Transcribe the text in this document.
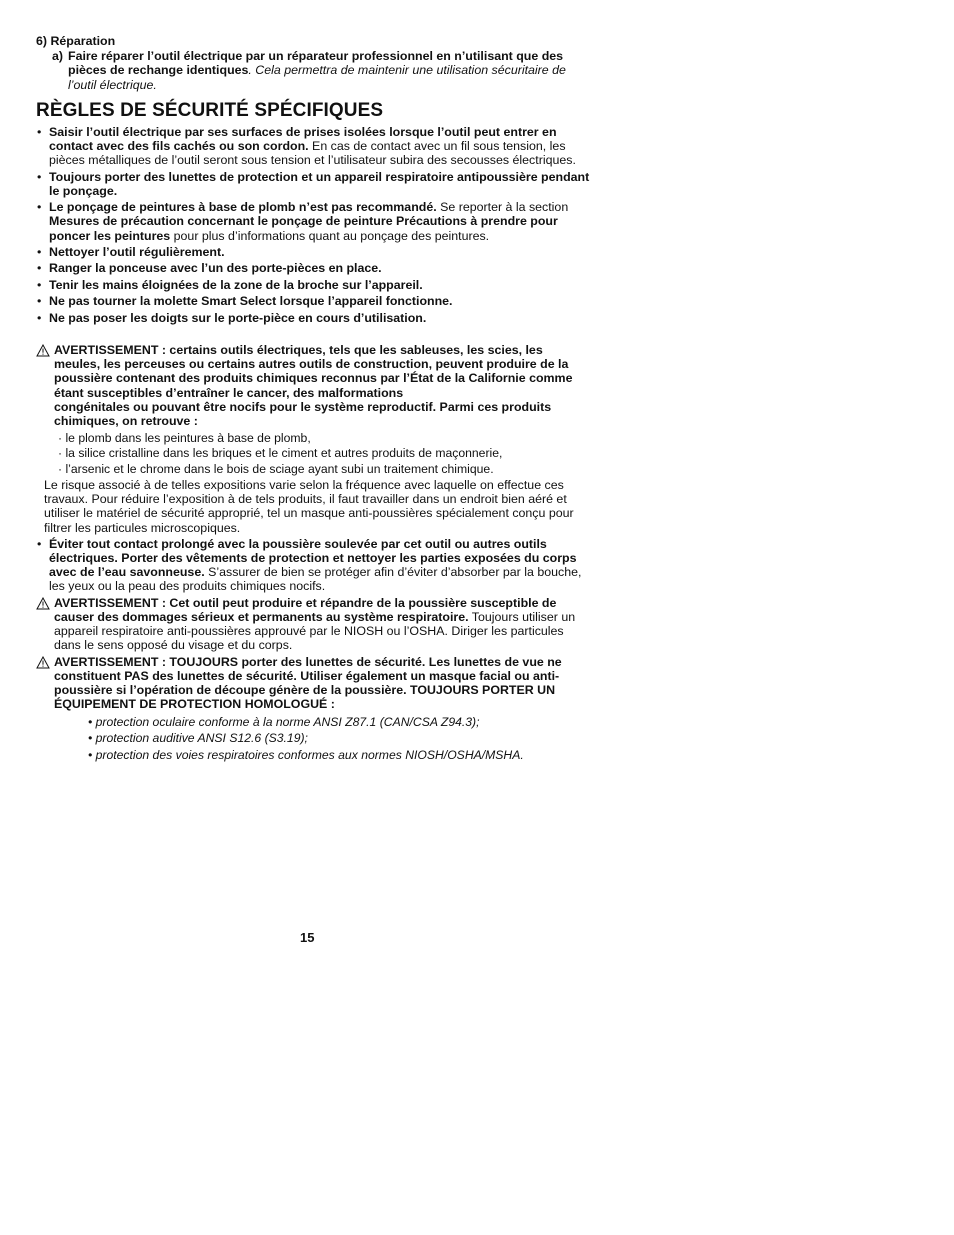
6) Réparation
a) Faire réparer l’outil électrique par un réparateur professionnel en n’utilisant que des pièces de rechange identiques. Cela permettra de maintenir une utilisation sécuritaire de l’outil électrique.
RÈGLES DE SÉCURITÉ SPÉCIFIQUES
• Saisir l’outil électrique par ses surfaces de prises isolées lorsque l’outil peut entrer en contact avec des fils cachés ou son cordon. En cas de contact avec un fil sous tension, les pièces métalliques de l’outil seront sous tension et l’utilisateur subira des secousses électriques.
• Toujours porter des lunettes de protection et un appareil respiratoire antipoussière pendant le ponçage.
• Le ponçage de peintures à base de plomb n’est pas recommandé. Se reporter à la section Mesures de précaution concernant le ponçage de peinture Précautions à prendre pour poncer les peintures pour plus d’informations quant au ponçage des peintures.
• Nettoyer l’outil régulièrement.
• Ranger la ponceuse avec l’un des porte-pièces en place.
• Tenir les mains éloignées de la zone de la broche sur l’appareil.
• Ne pas tourner la molette Smart Select lorsque l’appareil fonctionne.
• Ne pas poser les doigts sur le porte-pièce en cours d’utilisation.
AVERTISSEMENT : certains outils électriques, tels que les sableuses, les scies, les meules, les perceuses ou certains autres outils de construction, peuvent produire de la poussière contenant des produits chimiques reconnus par l’État de la Californie comme étant susceptibles d’entraîner le cancer, des malformations
congénitales ou pouvant être nocifs pour le système reproductif. Parmi ces produits chimiques, on retrouve :
· le plomb dans les peintures à base de plomb,
· la silice cristalline dans les briques et le ciment et autres produits de maçonnerie,
· l’arsenic et le chrome dans le bois de sciage ayant subi un traitement chimique.
Le risque associé à de telles expositions varie selon la fréquence avec laquelle on effectue ces travaux. Pour réduire l’exposition à de tels produits, il faut travailler dans un endroit bien aéré et utiliser le matériel de sécurité approprié, tel un masque anti-poussières spécialement conçu pour filtrer les particules microscopiques.
• Éviter tout contact prolongé avec la poussière soulevée par cet outil ou autres outils électriques. Porter des vêtements de protection et nettoyer les parties exposées du corps avec de l’eau savonneuse. S’assurer de bien se protéger afin d’éviter d’absorber par la bouche, les yeux ou la peau des produits chimiques nocifs.
AVERTISSEMENT : Cet outil peut produire et répandre de la poussière susceptible de causer des dommages sérieux et permanents au système respiratoire. Toujours utiliser un appareil respiratoire anti-poussières approuvé par le NIOSH ou l’OSHA. Diriger les particules dans le sens opposé du visage et du corps.
AVERTISSEMENT : TOUJOURS porter des lunettes de sécurité. Les lunettes de vue ne constituent PAS des lunettes de sécurité. Utiliser également un masque facial ou anti-poussière si l’opération de découpe génère de la poussière. TOUJOURS PORTER UN ÉQUIPEMENT DE PROTECTION HOMOLOGUÉ :
• protection oculaire conforme à la norme ANSI Z87.1 (CAN/CSA Z94.3);
• protection auditive ANSI S12.6 (S3.19);
• protection des voies respiratoires conformes aux normes NIOSH/OSHA/MSHA.
15
